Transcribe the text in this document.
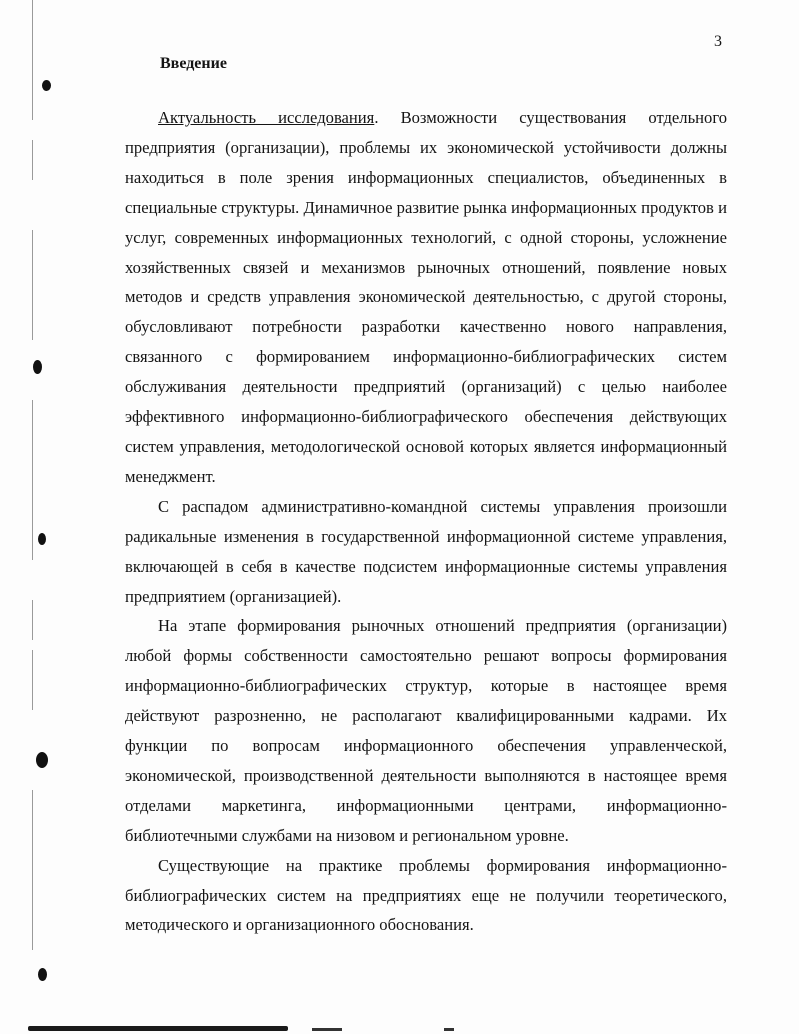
3
Введение

Актуальность исследования. Возможности существования отдельного предприятия (организации), проблемы их экономической устойчивости должны находиться в поле зрения информационных специалистов, объединенных в специальные структуры. Динамичное развитие рынка информационных продуктов и услуг, современных информационных технологий, с одной стороны, усложнение хозяйственных связей и механизмов рыночных отношений, появление новых методов и средств управления экономической деятельностью, с другой стороны, обусловливают потребности разработки качественно нового направления, связанного с формированием информационно-библиографических систем обслуживания деятельности предприятий (организаций) с целью наиболее эффективного информационно-библиографического обеспечения действующих систем управления, методологической основой которых является информационный менеджмент.

С распадом административно-командной системы управления произошли радикальные изменения в государственной информационной системе управления, включающей в себя в качестве подсистем информационные системы управления предприятием (организацией).

На этапе формирования рыночных отношений предприятия (организации) любой формы собственности самостоятельно решают вопросы формирования информационно-библиографических структур, которые в настоящее время действуют разрозненно, не располагают квалифицированными кадрами. Их функции по вопросам информационного обеспечения управленческой, экономической, производственной деятельности выполняются в настоящее время отделами маркетинга, информационными центрами, информационно-библиотечными службами на низовом и региональном уровне.

Существующие на практике проблемы формирования информационно-библиографических систем на предприятиях еще не получили теоретического, методического и организационного обоснования.
